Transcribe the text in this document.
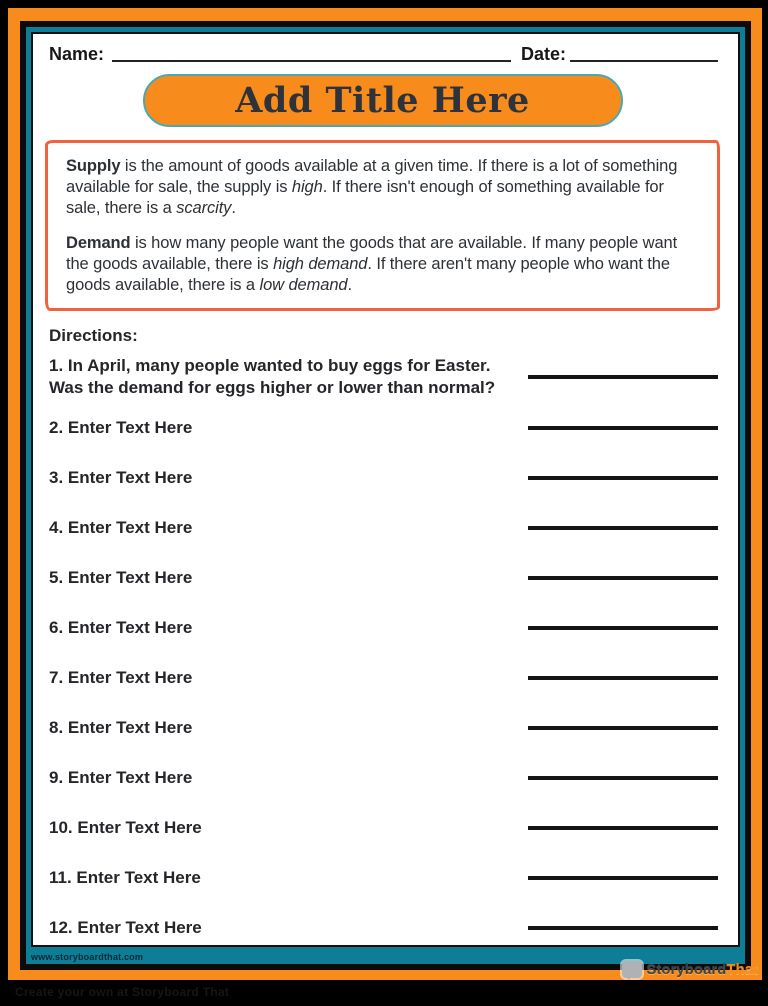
Name:	Date:
Add Title Here

Supply is the amount of goods available at a given time. If there is a lot of something available for sale, the supply is high. If there isn't enough of something available for sale, there is a scarcity.

Demand is how many people want the goods that are available. If many people want the goods available, there is high demand. If there aren't many people who want the goods available, there is a low demand.

Directions:
1. In April, many people wanted to buy eggs for Easter. Was the demand for eggs higher or lower than normal?
2. Enter Text Here
3. Enter Text Here
4. Enter Text Here
5. Enter Text Here
6. Enter Text Here
7. Enter Text Here
8. Enter Text Here
9. Enter Text Here
10. Enter Text Here
11. Enter Text Here
12. Enter Text Here
www.storyboardthat.com
StoryboardThat
Create your own at Storyboard That
